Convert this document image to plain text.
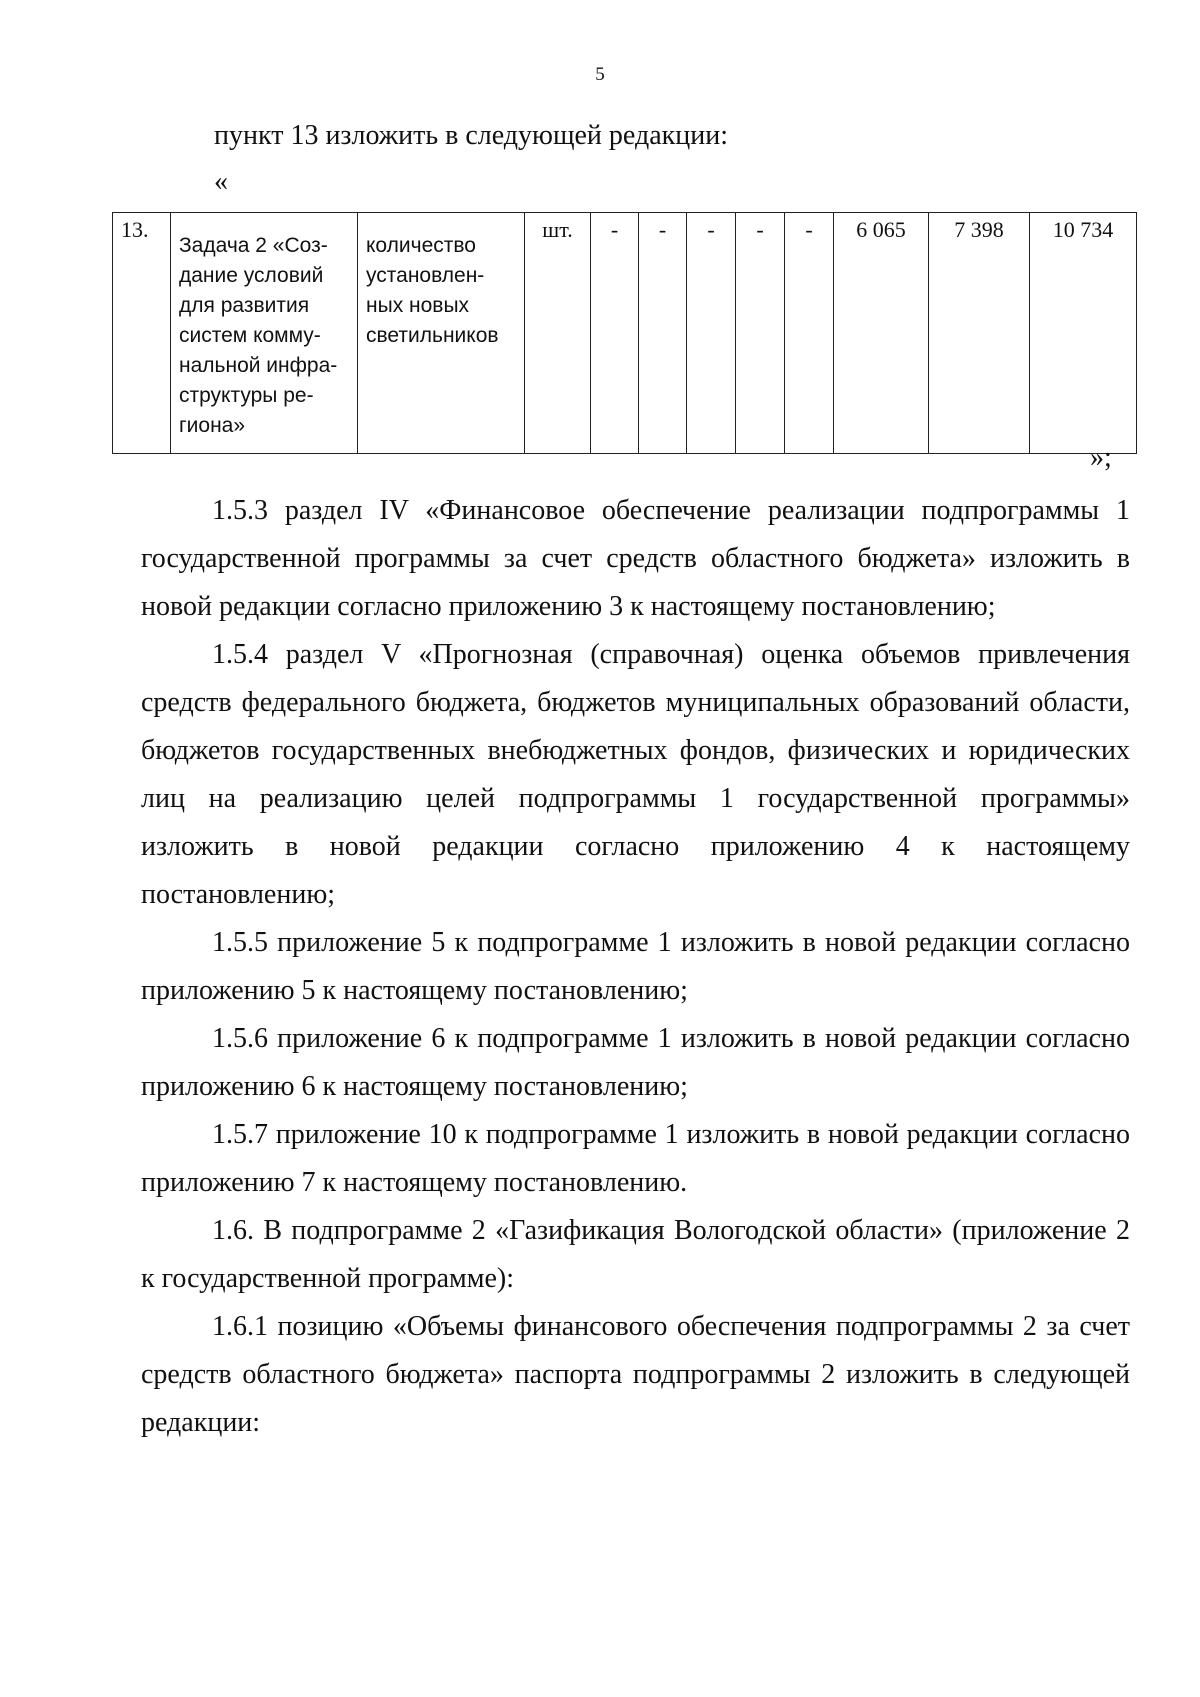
5
пункт 13 изложить в следующей редакции:
«
13.	Задача 2 «Соз-дание условий для развития систем комму-нальной инфра-структуры ре-гиона»	количество установлен-ных новых светильников	шт.	-	-	-	-	-	6 065	7 398	10 734
»;

1.5.3 раздел IV «Финансовое обеспечение реализации подпрограммы 1 государственной программы за счет средств областного бюджета» изложить в новой редакции согласно приложению 3 к настоящему постановлению;

1.5.4 раздел V «Прогнозная (справочная) оценка объемов привлечения средств федерального бюджета, бюджетов муниципальных образований области, бюджетов государственных внебюджетных фондов, физических и юридических лиц на реализацию целей подпрограммы 1 государственной программы» изложить в новой редакции согласно приложению 4 к настоящему постановлению;

1.5.5 приложение 5 к подпрограмме 1 изложить в новой редакции согласно приложению 5 к настоящему постановлению;

1.5.6 приложение 6 к подпрограмме 1 изложить в новой редакции согласно приложению 6 к настоящему постановлению;

1.5.7 приложение 10 к подпрограмме 1 изложить в новой редакции согласно приложению 7 к настоящему постановлению.

1.6. В подпрограмме 2 «Газификация Вологодской области» (приложение 2 к государственной программе):

1.6.1 позицию «Объемы финансового обеспечения подпрограммы 2 за счет средств областного бюджета» паспорта подпрограммы 2 изложить в следующей редакции:
